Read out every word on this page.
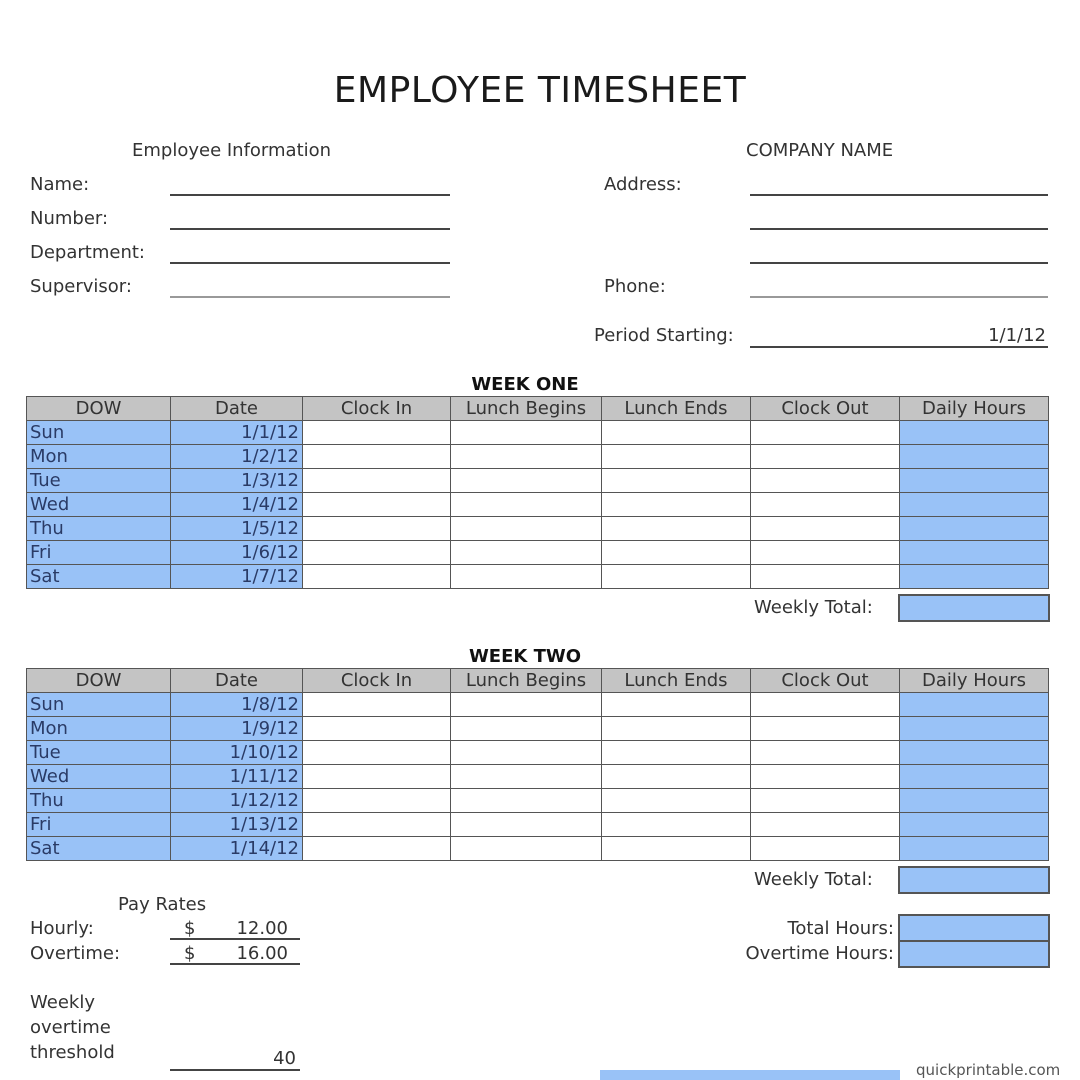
EMPLOYEE TIMESHEET
Employee Information
Name:
Number:
Department:
Supervisor:
COMPANY NAME
Address:
Phone:
Period Starting:	1/1/12
WEEK ONE
DOW	Date	Clock In	Lunch Begins	Lunch Ends	Clock Out	Daily Hours
Sun	1/1/12					
Mon	1/2/12					
Tue	1/3/12					
Wed	1/4/12					
Thu	1/5/12					
Fri	1/6/12					
Sat	1/7/12					
Weekly Total:
WEEK TWO
DOW	Date	Clock In	Lunch Begins	Lunch Ends	Clock Out	Daily Hours
Sun	1/8/12					
Mon	1/9/12					
Tue	1/10/12					
Wed	1/11/12					
Thu	1/12/12					
Fri	1/13/12					
Sat	1/14/12					
Weekly Total:
Pay Rates
Hourly:	$	12.00
Overtime:	$	16.00
Total Hours:
Overtime Hours:
Weekly
overtime
threshold	40
quickprintable.com
